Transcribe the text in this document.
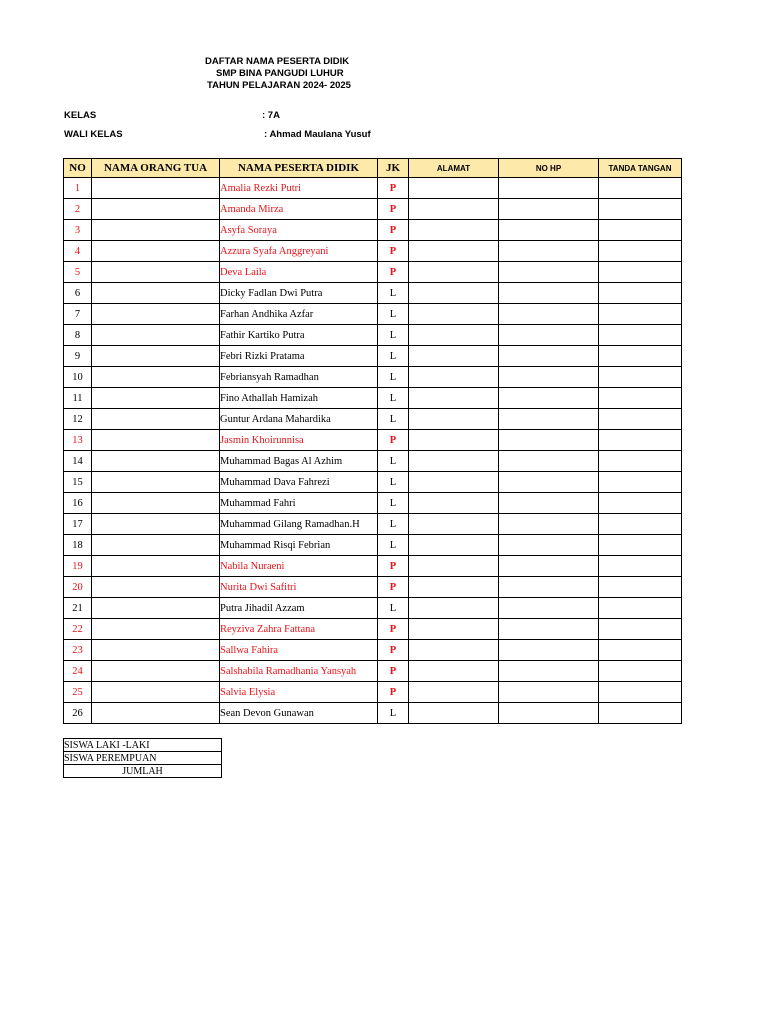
DAFTAR NAMA PESERTA DIDIK
SMP BINA PANGUDI LUHUR
TAHUN PELAJARAN 2024- 2025
KELAS	: 7A
WALI KELAS	: Ahmad Maulana Yusuf
NO	NAMA ORANG TUA	NAMA PESERTA DIDIK	JK	ALAMAT	NO HP	TANDA TANGAN
1		Amalia Rezki Putri	P			
2		Amanda Mirza	P			
3		Asyfa Soraya	P			
4		Azzura Syafa Anggreyani	P			
5		Deva Laila	P			
6		Dicky Fadlan Dwi Putra	L			
7		Farhan Andhika Azfar	L			
8		Fathir Kartiko Putra	L			
9		Febri Rizki Pratama	L			
10		Febriansyah Ramadhan	L			
11		Fino Athallah Hamizah	L			
12		Guntur Ardana Mahardika	L			
13		Jasmin Khoirunnisa	P			
14		Muhammad Bagas Al Azhim	L			
15		Muhammad Dava Fahrezi	L			
16		Muhammad Fahri	L			
17		Muhammad Gilang Ramadhan.H	L			
18		Muhammad Risqi Febrian	L			
19		Nabila Nuraeni	P			
20		Nurita Dwi Safitri	P			
21		Putra Jihadil Azzam	L			
22		Reyziva Zahra Fattana	P			
23		Sallwa Fahira	P			
24		Salshabila Ramadhania Yansyah	P			
25		Salvia Elysia	P			
26		Sean Devon Gunawan	L			
SISWA LAKI -LAKI
SISWA PEREMPUAN
JUMLAH
